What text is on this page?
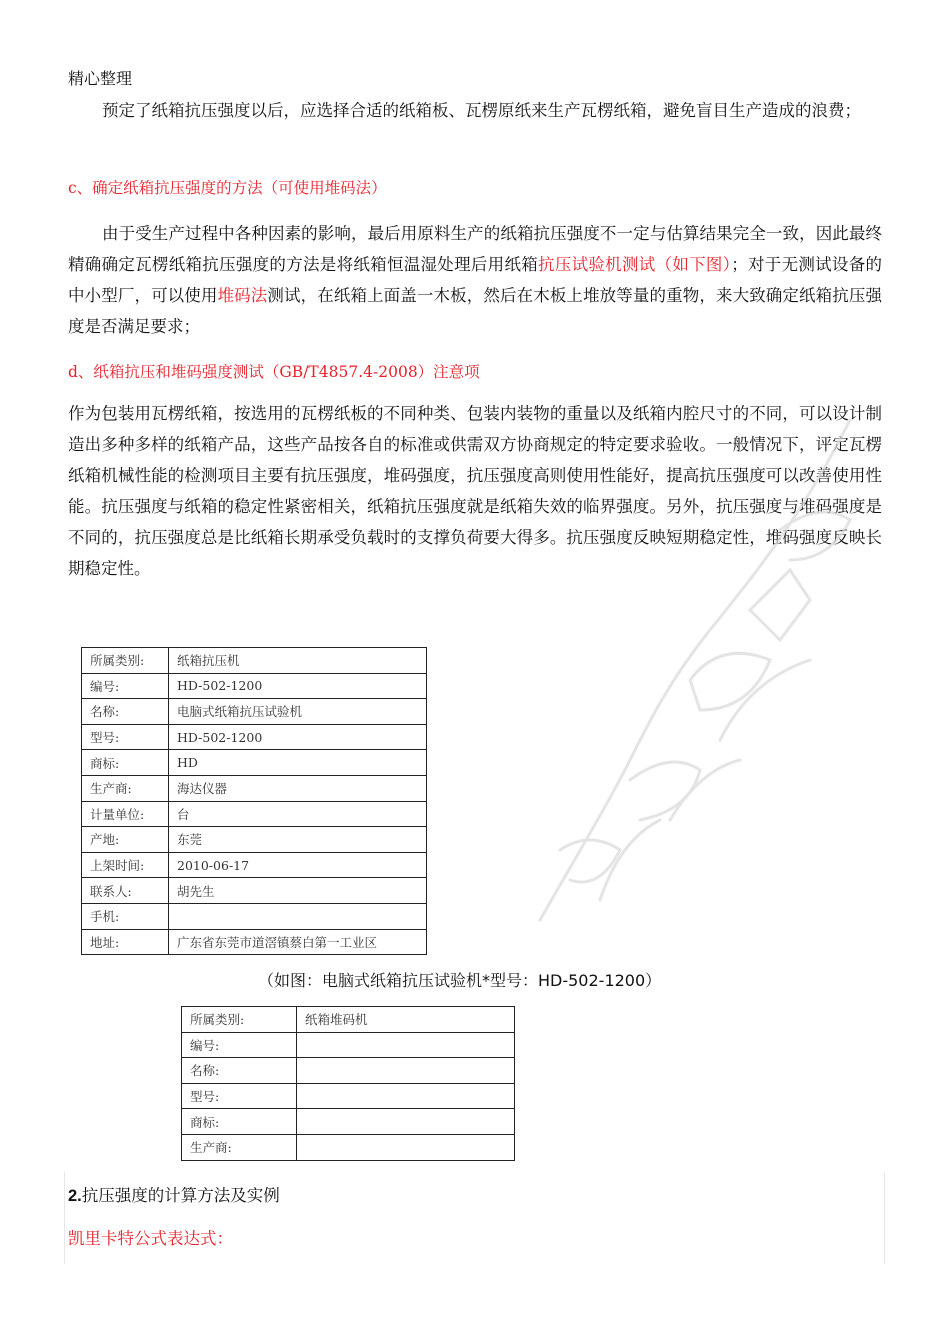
精心整理
预定了纸箱抗压强度以后，应选择合适的纸箱板、瓦楞原纸来生产瓦楞纸箱，避免盲目生产造成的浪费；
c、确定纸箱抗压强度的方法（可使用堆码法）
由于受生产过程中各种因素的影响，最后用原料生产的纸箱抗压强度不一定与估算结果完全一致，因此最终精确确定瓦楞纸箱抗压强度的方法是将纸箱恒温湿处理后用纸箱抗压试验机测试（如下图）；对于无测试设备的中小型厂，可以使用堆码法测试，在纸箱上面盖一木板，然后在木板上堆放等量的重物，来大致确定纸箱抗压强度是否满足要求；
d、纸箱抗压和堆码强度测试（GB/T4857.4-2008）注意项
作为包装用瓦楞纸箱，按选用的瓦楞纸板的不同种类、包装内装物的重量以及纸箱内腔尺寸的不同，可以设计制造出多种多样的纸箱产品，这些产品按各自的标准或供需双方协商规定的特定要求验收。一般情况下，评定瓦楞纸箱机械性能的检测项目主要有抗压强度，堆码强度，抗压强度高则使用性能好，提高抗压强度可以改善使用性能。抗压强度与纸箱的稳定性紧密相关，纸箱抗压强度就是纸箱失效的临界强度。另外，抗压强度与堆码强度是不同的，抗压强度总是比纸箱长期承受负载时的支撑负荷要大得多。抗压强度反映短期稳定性，堆码强度反映长期稳定性。
所属类别:	纸箱抗压机
编号:	HD-502-1200
名称:	电脑式纸箱抗压试验机
型号:	HD-502-1200
商标:	HD
生产商:	海达仪器
计量单位:	台
产地:	东莞
上架时间:	2010-06-17
联系人:	胡先生
手机:	
地址:	广东省东莞市道滘镇蔡白第一工业区
（如图：电脑式纸箱抗压试验机*型号：HD-502-1200）
所属类别:	纸箱堆码机
编号:	
名称:	
型号:	
商标:	
生产商:	
2.抗压强度的计算方法及实例
凯里卡特公式表达式：
